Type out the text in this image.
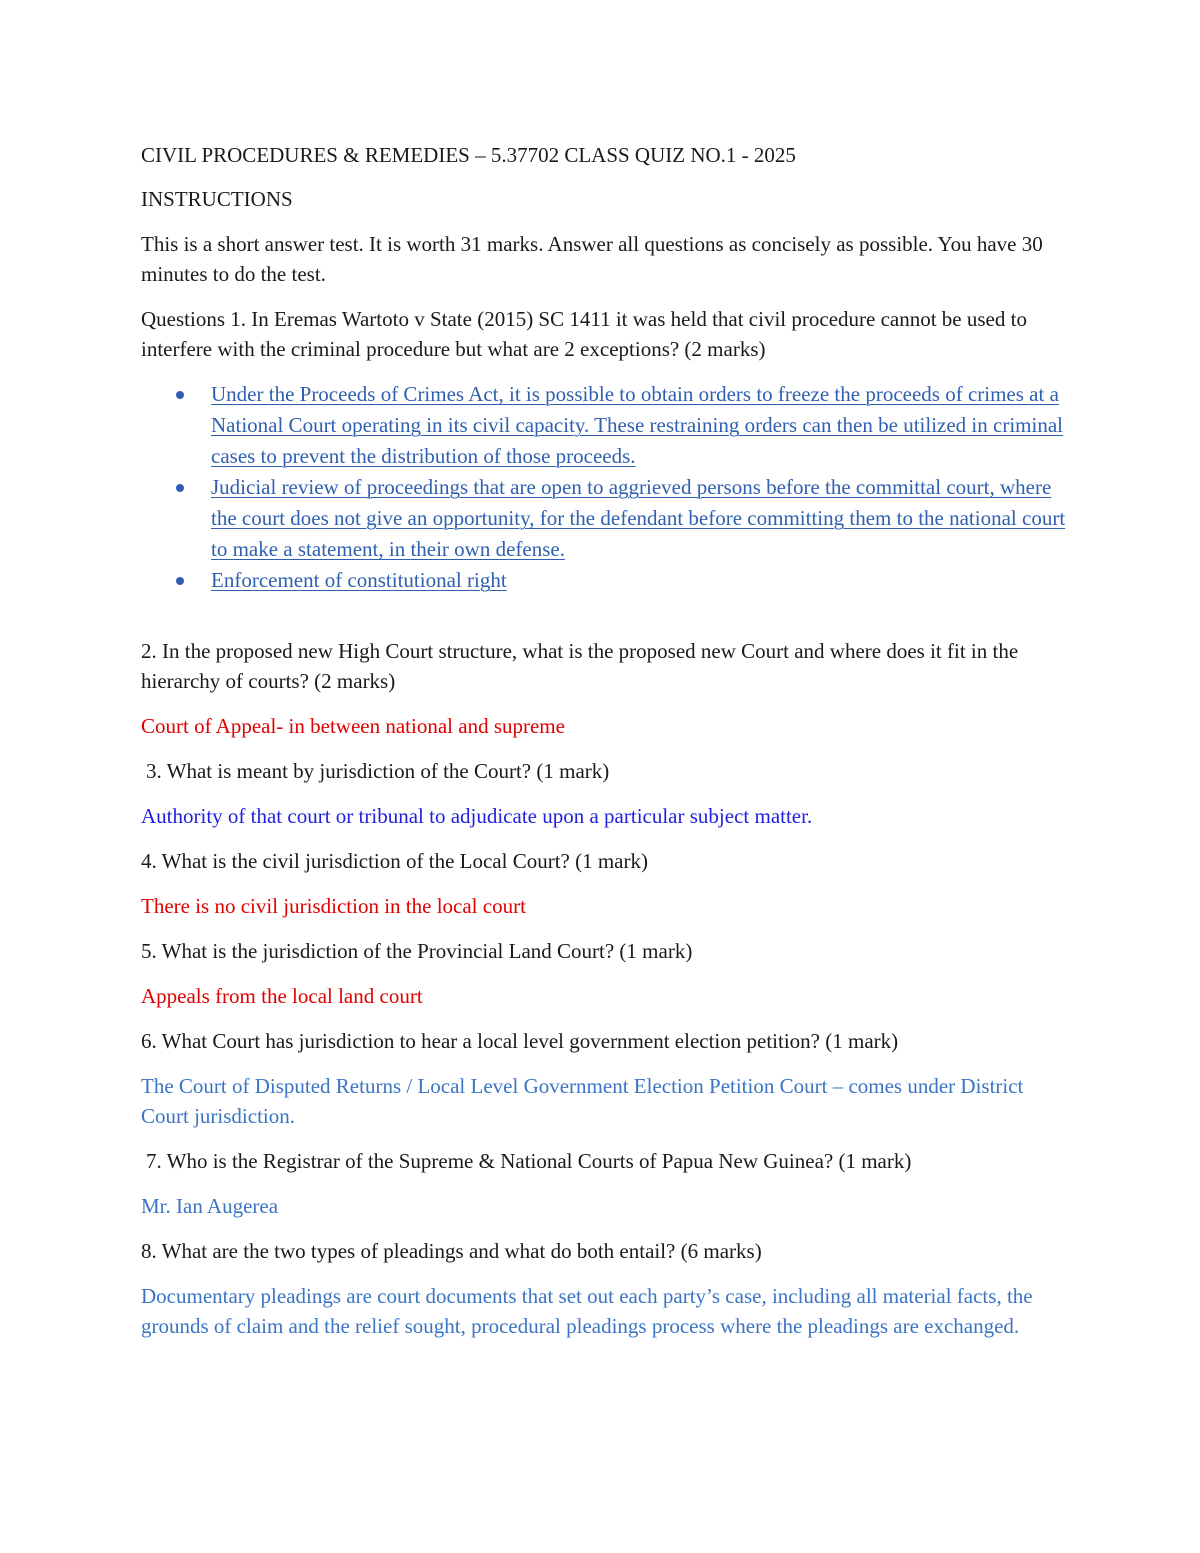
CIVIL PROCEDURES & REMEDIES – 5.37702 CLASS QUIZ NO.1 - 2025

INSTRUCTIONS

This is a short answer test. It is worth 31 marks. Answer all questions as concisely as possible. You have 30 minutes to do the test.

Questions 1. In Eremas Wartoto v State (2015) SC 1411 it was held that civil procedure cannot be used to interfere with the criminal procedure but what are 2 exceptions? (2 marks)

Under the Proceeds of Crimes Act, it is possible to obtain orders to freeze the proceeds of crimes at a National Court operating in its civil capacity. These restraining orders can then be utilized in criminal cases to prevent the distribution of those proceeds.
Judicial review of proceedings that are open to aggrieved persons before the committal court, where the court does not give an opportunity, for the defendant before committing them to the national court to make a statement, in their own defense.
Enforcement of constitutional right

2. In the proposed new High Court structure, what is the proposed new Court and where does it fit in the hierarchy of courts? (2 marks)

Court of Appeal- in between national and supreme

3. What is meant by jurisdiction of the Court? (1 mark)

Authority of that court or tribunal to adjudicate upon a particular subject matter.

4. What is the civil jurisdiction of the Local Court? (1 mark)

There is no civil jurisdiction in the local court

5. What is the jurisdiction of the Provincial Land Court? (1 mark)

Appeals from the local land court

6. What Court has jurisdiction to hear a local level government election petition? (1 mark)

The Court of Disputed Returns / Local Level Government Election Petition Court – comes under District Court jurisdiction.

7. Who is the Registrar of the Supreme & National Courts of Papua New Guinea? (1 mark)

Mr. Ian Augerea

8. What are the two types of pleadings and what do both entail? (6 marks)

Documentary pleadings are court documents that set out each party’s case, including all material facts, the grounds of claim and the relief sought, procedural pleadings process where the pleadings are exchanged.
